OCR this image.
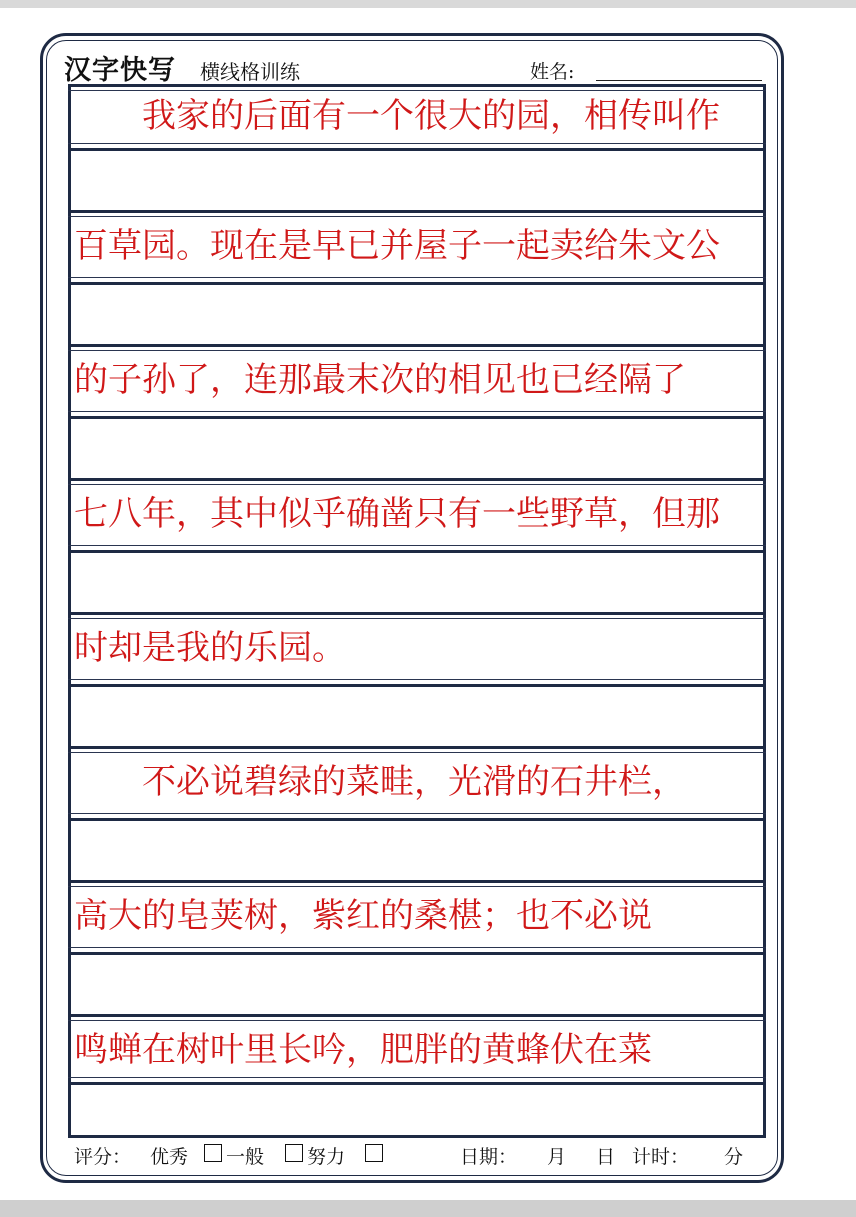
汉字快写 横线格训练	姓名:
　　我家的后面有一个很大的园，相传叫作
百草园。现在是早已并屋子一起卖给朱文公
的子孙了，连那最末次的相见也已经隔了
七八年，其中似乎确凿只有一些野草，但那
时却是我的乐园。
　　不必说碧绿的菜畦，光滑的石井栏，
高大的皂荚树，紫红的桑椹；也不必说
鸣蝉在树叶里长吟，肥胖的黄蜂伏在菜
评分： 优秀 一般 努力	日期： 月 日 计时： 分
